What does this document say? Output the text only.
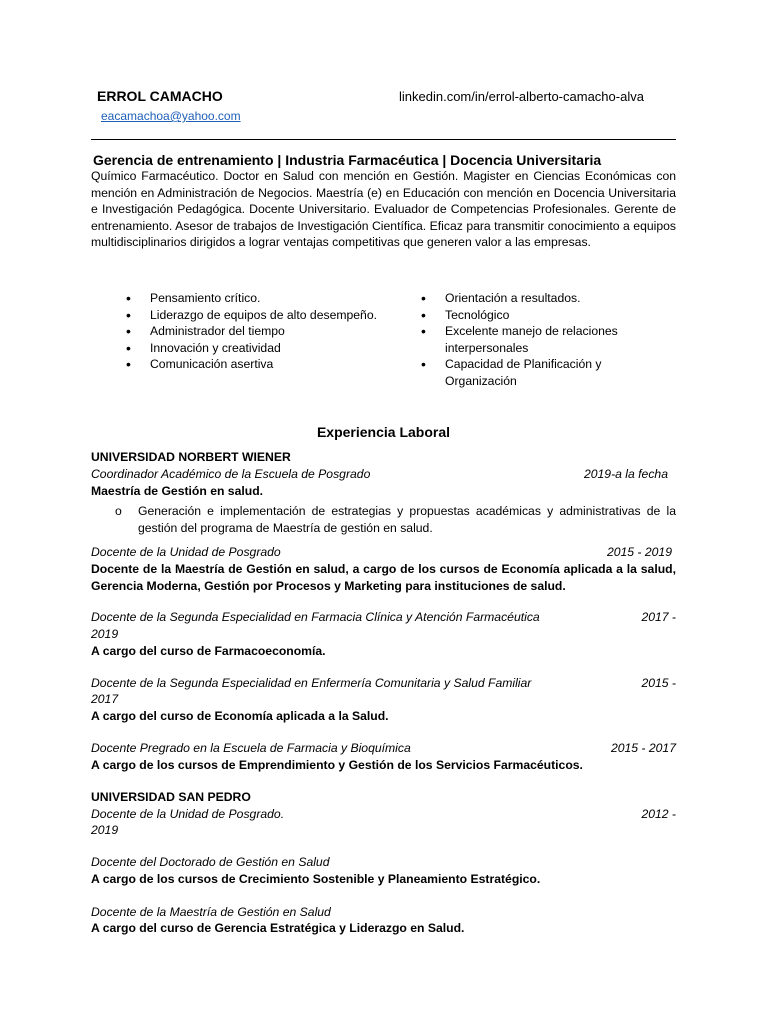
ERROL CAMACHO	linkedin.com/in/errol-alberto-camacho-alva
eacamachoa@yahoo.com
Gerencia de entrenamiento | Industria Farmacéutica | Docencia Universitaria
Químico Farmacéutico. Doctor en Salud con mención en Gestión. Magister en Ciencias Económicas con mención en Administración de Negocios. Maestría (e) en Educación con mención en Docencia Universitaria e Investigación Pedagógica. Docente Universitario. Evaluador de Competencias Profesionales. Gerente de entrenamiento. Asesor de trabajos de Investigación Científica. Eficaz para transmitir conocimiento a equipos multidisciplinarios dirigidos a lograr ventajas competitivas que generen valor a las empresas.
• Pensamiento crítico.
• Liderazgo de equipos de alto desempeño.
• Administrador del tiempo
• Innovación y creatividad
• Comunicación asertiva
• Orientación a resultados.
• Tecnológico
• Excelente manejo de relaciones interpersonales
• Capacidad de Planificación y Organización
Experiencia Laboral
UNIVERSIDAD NORBERT WIENER
Coordinador Académico de la Escuela de Posgrado	2019-a la fecha
Maestría de Gestión en salud.
o Generación e implementación de estrategias y propuestas académicas y administrativas de la gestión del programa de Maestría de gestión en salud.
Docente de la Unidad de Posgrado	2015 - 2019
Docente de la Maestría de Gestión en salud, a cargo de los cursos de Economía aplicada a la salud, Gerencia Moderna, Gestión por Procesos y Marketing para instituciones de salud.
Docente de la Segunda Especialidad en Farmacia Clínica y Atención Farmacéutica	2017 -
2019
A cargo del curso de Farmacoeconomía.
Docente de la Segunda Especialidad en Enfermería Comunitaria y Salud Familiar	2015 -
2017
A cargo del curso de Economía aplicada a la Salud.
Docente Pregrado en la Escuela de Farmacia y Bioquímica	2015 - 2017
A cargo de los cursos de Emprendimiento y Gestión de los Servicios Farmacéuticos.
UNIVERSIDAD SAN PEDRO
Docente de la Unidad de Posgrado.	2012 -
2019
Docente del Doctorado de Gestión en Salud
A cargo de los cursos de Crecimiento Sostenible y Planeamiento Estratégico.
Docente de la Maestría de Gestión en Salud
A cargo del curso de Gerencia Estratégica y Liderazgo en Salud.
